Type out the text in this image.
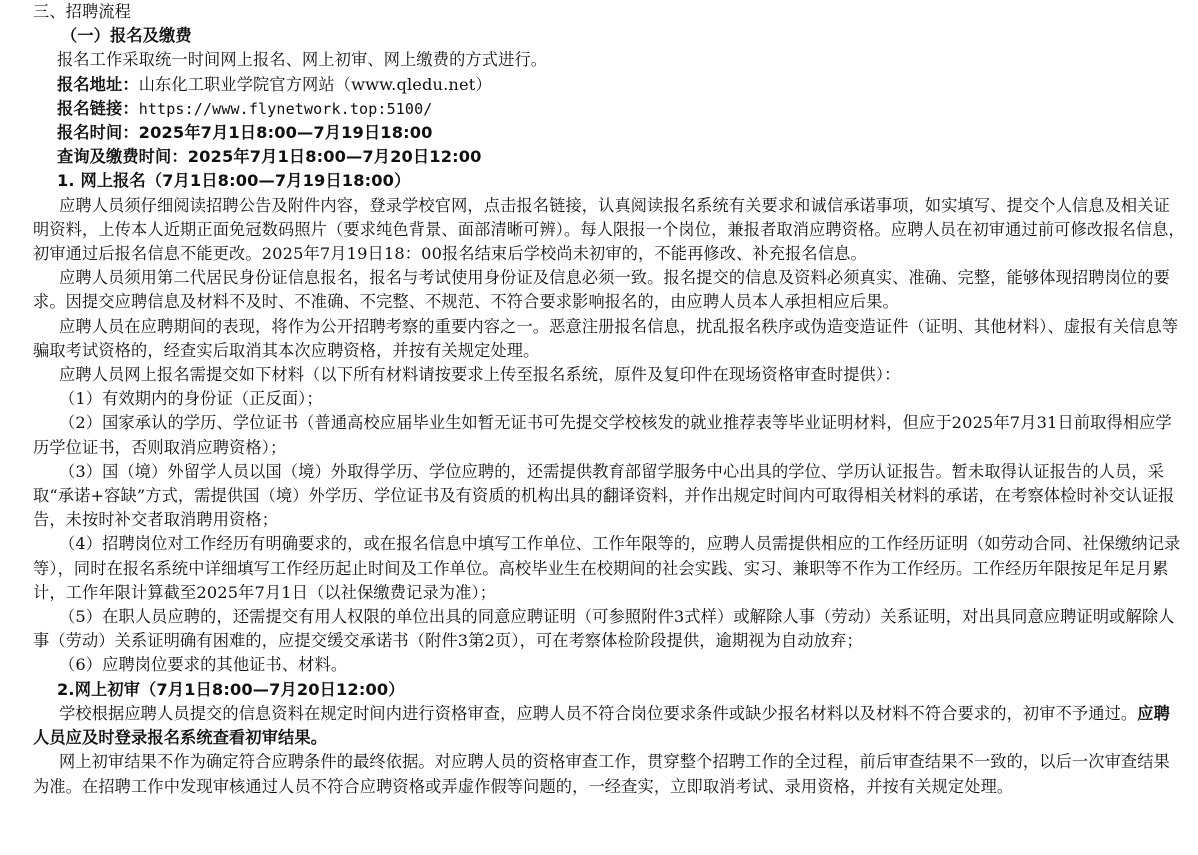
三、招聘流程

（一）报名及缴费

报名工作采取统一时间网上报名、网上初审、网上缴费的方式进行。

报名地址：山东化工职业学院官方网站（www.qledu.net）

报名链接：https://www.flynetwork.top:5100/

报名时间：2025年7月1日8:00—7月19日18:00

查询及缴费时间：2025年7月1日8:00—7月20日12:00

1. 网上报名（7月1日8:00—7月19日18:00）

应聘人员须仔细阅读招聘公告及附件内容，登录学校官网，点击报名链接，认真阅读报名系统有关要求和诚信承诺事项，如实填写、提交个人信息及相关证明资料，上传本人近期正面免冠数码照片（要求纯色背景、面部清晰可辨）。每人限报一个岗位，兼报者取消应聘资格。应聘人员在初审通过前可修改报名信息，初审通过后报名信息不能更改。2025年7月19日18：00报名结束后学校尚未初审的，不能再修改、补充报名信息。

应聘人员须用第二代居民身份证信息报名，报名与考试使用身份证及信息必须一致。报名提交的信息及资料必须真实、准确、完整，能够体现招聘岗位的要求。因提交应聘信息及材料不及时、不准确、不完整、不规范、不符合要求影响报名的，由应聘人员本人承担相应后果。

应聘人员在应聘期间的表现，将作为公开招聘考察的重要内容之一。恶意注册报名信息，扰乱报名秩序或伪造变造证件（证明、其他材料）、虚报有关信息等骗取考试资格的，经查实后取消其本次应聘资格，并按有关规定处理。

应聘人员网上报名需提交如下材料（以下所有材料请按要求上传至报名系统，原件及复印件在现场资格审查时提供）：

（1）有效期内的身份证（正反面）；

（2）国家承认的学历、学位证书（普通高校应届毕业生如暂无证书可先提交学校核发的就业推荐表等毕业证明材料，但应于2025年7月31日前取得相应学历学位证书，否则取消应聘资格）；

（3）国（境）外留学人员以国（境）外取得学历、学位应聘的，还需提供教育部留学服务中心出具的学位、学历认证报告。暂未取得认证报告的人员，采取“承诺+容缺”方式，需提供国（境）外学历、学位证书及有资质的机构出具的翻译资料，并作出规定时间内可取得相关材料的承诺，在考察体检时补交认证报告，未按时补交者取消聘用资格；

（4）招聘岗位对工作经历有明确要求的，或在报名信息中填写工作单位、工作年限等的，应聘人员需提供相应的工作经历证明（如劳动合同、社保缴纳记录等），同时在报名系统中详细填写工作经历起止时间及工作单位。高校毕业生在校期间的社会实践、实习、兼职等不作为工作经历。工作经历年限按足年足月累计，工作年限计算截至2025年7月1日（以社保缴费记录为准）；

（5）在职人员应聘的，还需提交有用人权限的单位出具的同意应聘证明（可参照附件3式样）或解除人事（劳动）关系证明，对出具同意应聘证明或解除人事（劳动）关系证明确有困难的，应提交缓交承诺书（附件3第2页），可在考察体检阶段提供，逾期视为自动放弃；

（6）应聘岗位要求的其他证书、材料。

2.网上初审（7月1日8:00—7月20日12:00）

学校根据应聘人员提交的信息资料在规定时间内进行资格审查，应聘人员不符合岗位要求条件或缺少报名材料以及材料不符合要求的，初审不予通过。应聘人员应及时登录报名系统查看初审结果。

网上初审结果不作为确定符合应聘条件的最终依据。对应聘人员的资格审查工作，贯穿整个招聘工作的全过程，前后审查结果不一致的，以后一次审查结果为准。在招聘工作中发现审核通过人员不符合应聘资格或弄虚作假等问题的，一经查实，立即取消考试、录用资格，并按有关规定处理。
